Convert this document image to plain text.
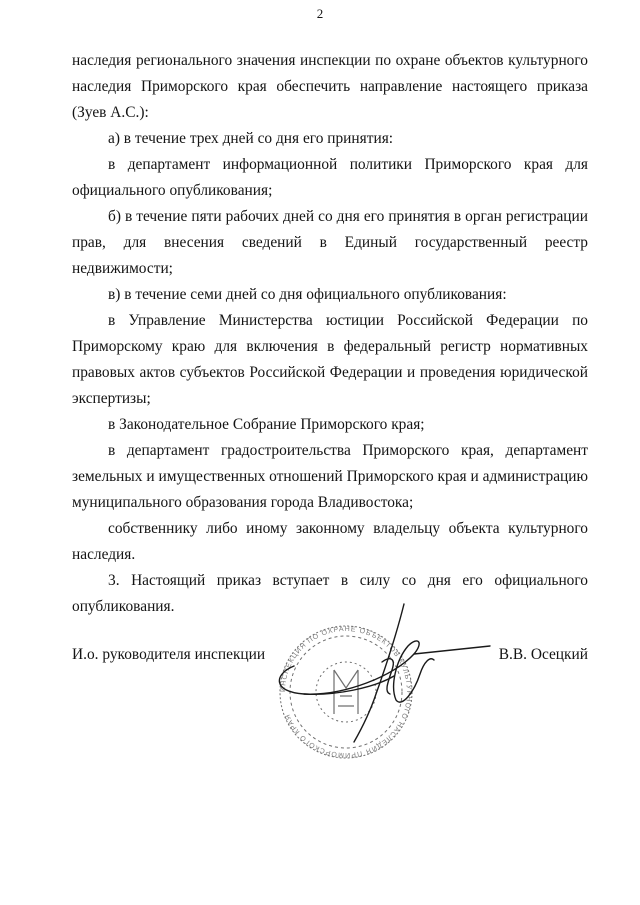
2

наследия регионального значения инспекции по охране объектов культурного наследия Приморского края обеспечить направление настоящего приказа (Зуев А.С.):

а) в течение трех дней со дня его принятия:

в департамент информационной политики Приморского края для официального опубликования;

б) в течение пяти рабочих дней со дня его принятия в орган регистрации прав, для внесения сведений в Единый государственный реестр недвижимости;

в) в течение семи дней со дня официального опубликования:

в Управление Министерства юстиции Российской Федерации по Приморскому краю для включения в федеральный регистр нормативных правовых актов субъектов Российской Федерации и проведения юридической экспертизы;

в Законодательное Собрание Приморского края;

в департамент градостроительства Приморского края, департамент земельных и имущественных отношений Приморского края и администрацию муниципального образования города Владивостока;

собственнику либо иному законному владельцу объекта культурного наследия.

3. Настоящий приказ вступает в силу со дня его официального опубликования.

ИНСПЕКЦИЯ ПО ОХРАНЕ ОБЪЕКТОВ КУЛЬТУРНОГО НАСЛЕДИЯ ПРИМОРСКОГО КРАЯ
И.о. руководителя инспекции	В.В. Осецкий
